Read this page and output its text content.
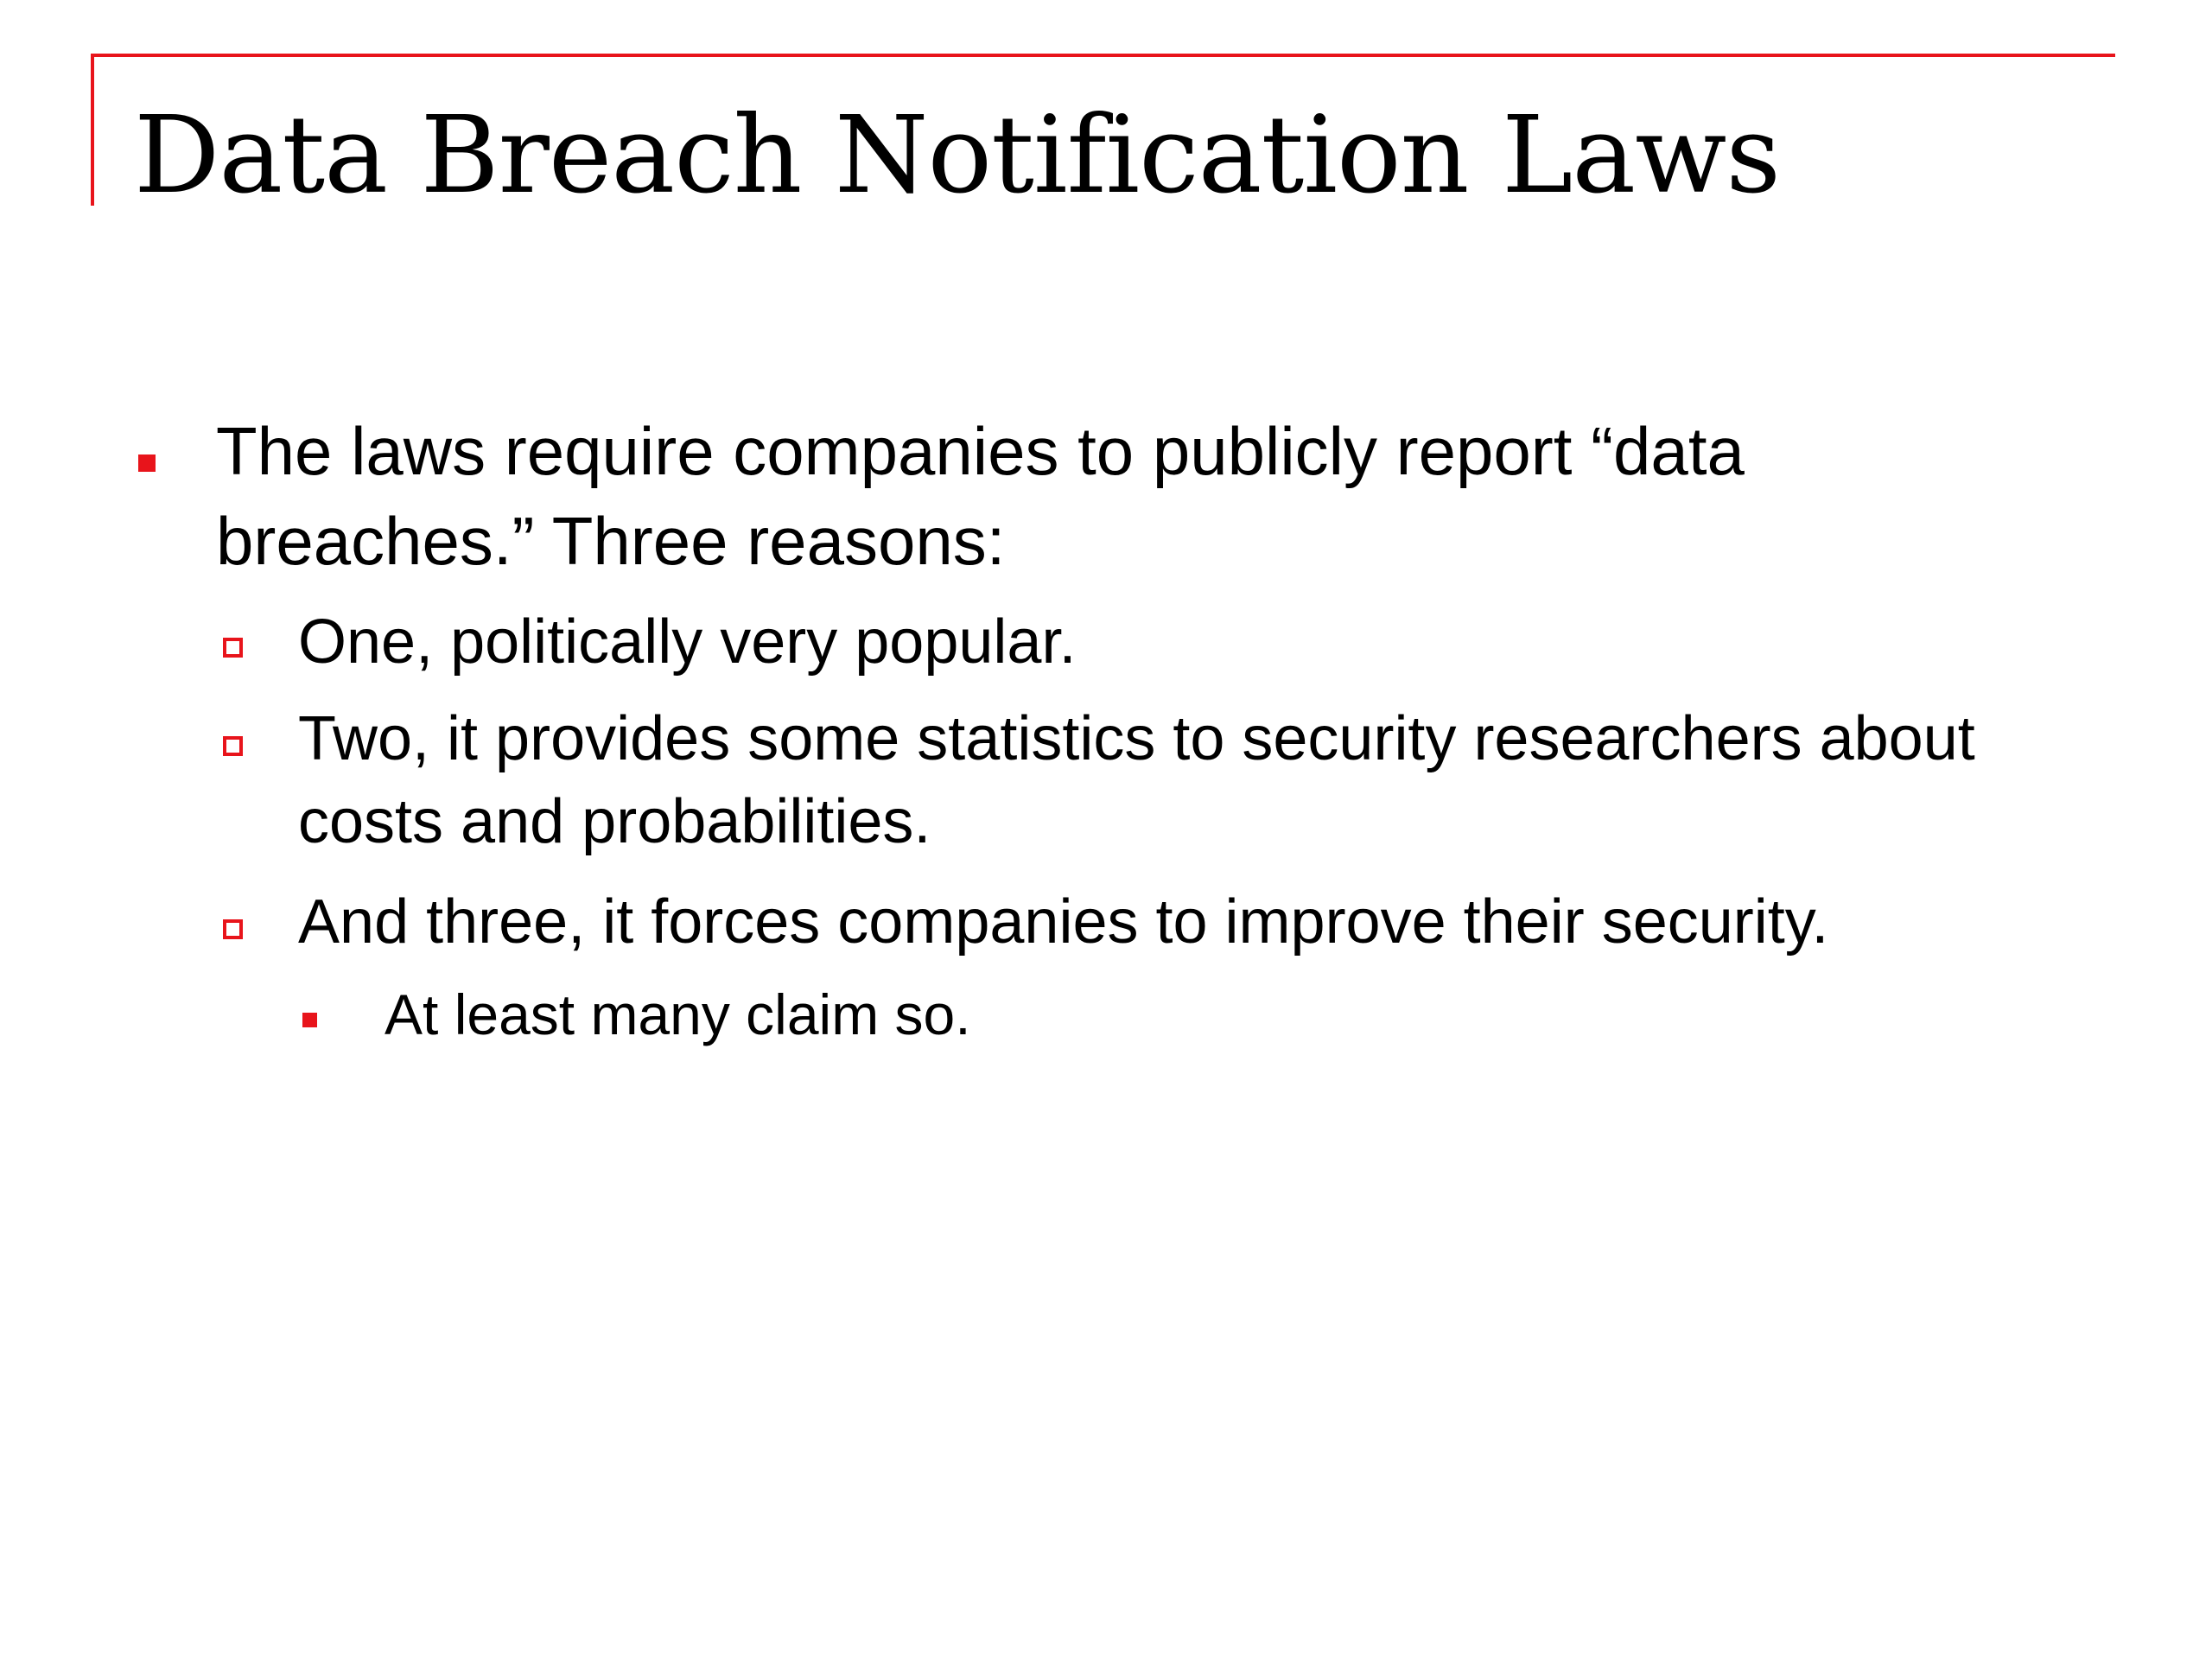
Data Breach Notification Laws
The laws require companies to publicly report “data breaches.” Three reasons:
One, politically very popular.
Two, it provides some statistics to security researchers about costs and probabilities.
And three, it forces companies to improve their security.
At least many claim so.
